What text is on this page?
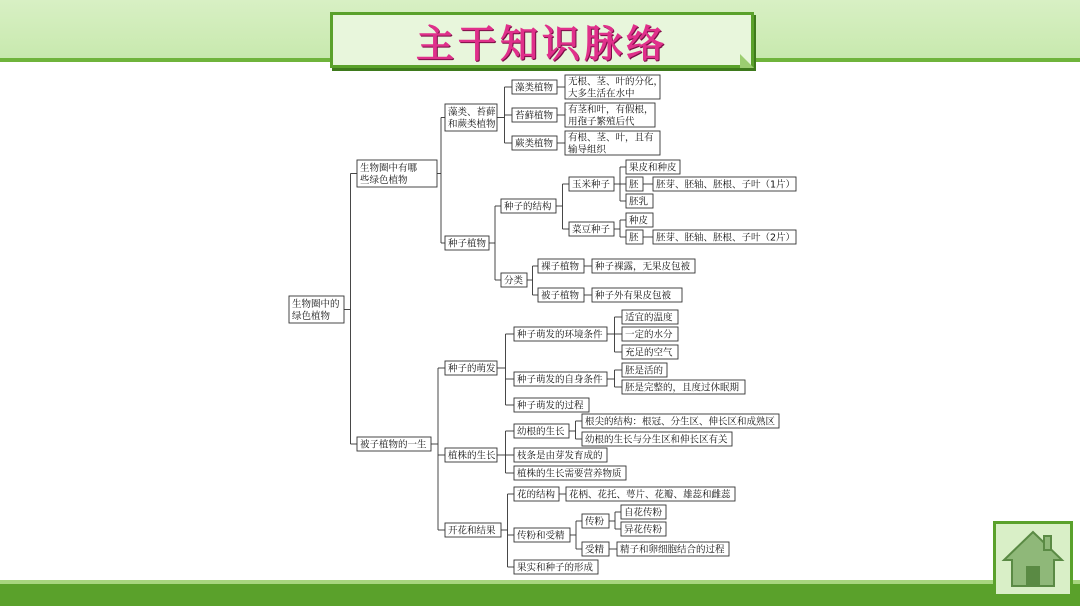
主干知识脉络
生物圈中的
绿色植物
生物圈中有哪
些绿色植物
藻类、苔藓
和蕨类植物
藻类植物
无根、茎、叶的分化，
大多生活在水中
苔藓植物
有茎和叶，有假根，
用孢子繁殖后代
蕨类植物
有根、茎、叶，且有
输导组织
种子植物
种子的结构
玉米种子
果皮和种皮
胚 胚芽、胚轴、胚根、子叶（1片）
胚乳
菜豆种子
种皮
胚 胚芽、胚轴、胚根、子叶（2片）
分类
裸子植物 种子裸露，无果皮包被
被子植物 种子外有果皮包被
被子植物的一生
种子的萌发
种子萌发的环境条件
适宜的温度
一定的水分
充足的空气
种子萌发的自身条件
胚是活的
胚是完整的，且度过休眠期
种子萌发的过程
植株的生长
幼根的生长
根尖的结构：根冠、分生区、伸长区和成熟区
幼根的生长与分生区和伸长区有关
枝条是由芽发育成的
植株的生长需要营养物质
开花和结果
花的结构 花柄、花托、萼片、花瓣、雄蕊和雌蕊
传粉和受精
传粉
自花传粉
异花传粉
受精 精子和卵细胞结合的过程
果实和种子的形成
